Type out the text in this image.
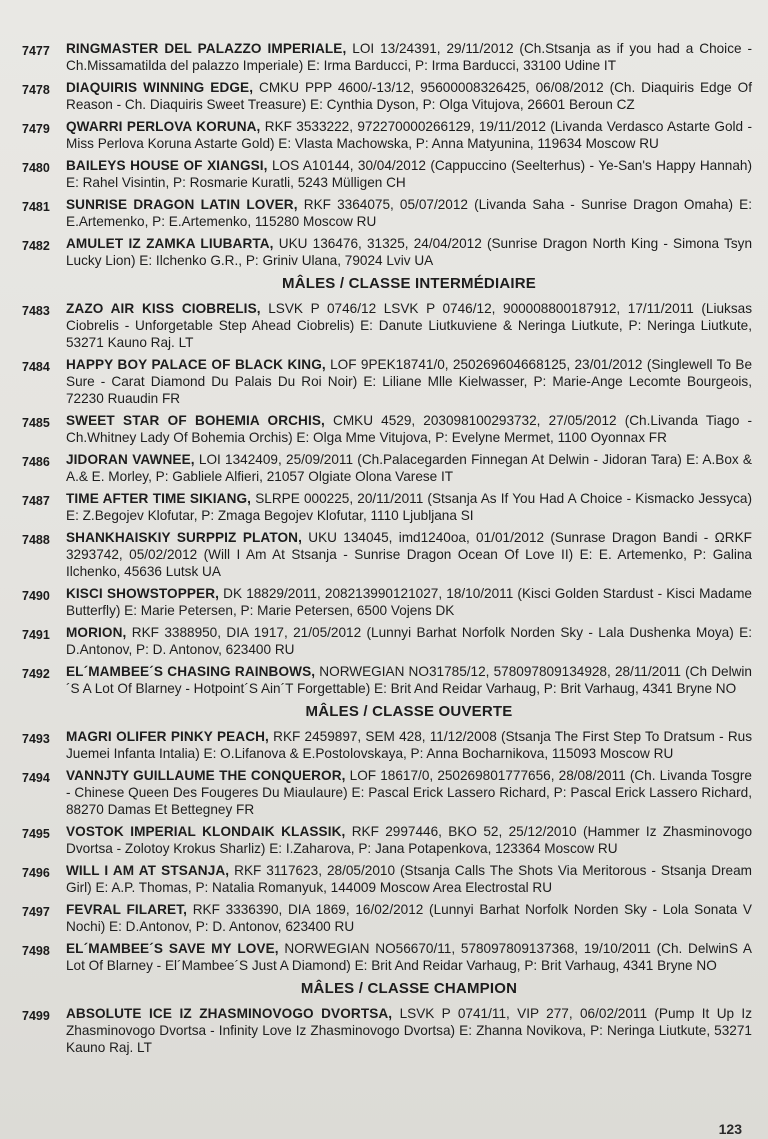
7477	RINGMASTER DEL PALAZZO IMPERIALE, LOI 13/24391, 29/11/2012 (Ch.Stsanja as if you had a Choice - Ch.Missamatilda del palazzo Imperiale) E: Irma Barducci, P: Irma Barducci, 33100 Udine IT
7478	DIAQUIRIS WINNING EDGE, CMKU PPP 4600/-13/12, 95600008326425, 06/08/2012 (Ch. Diaquiris Edge Of Reason - Ch. Diaquiris Sweet Treasure) E: Cynthia Dyson, P: Olga Vitujova, 26601 Beroun CZ
7479	QWARRI PERLOVA KORUNA, RKF 3533222, 972270000266129, 19/11/2012 (Livanda Verdasco Astarte Gold - Miss Perlova Koruna Astarte Gold) E: Vlasta Machowska, P: Anna Matyunina, 119634 Moscow RU
7480	BAILEYS HOUSE OF XIANGSI, LOS A10144, 30/04/2012 (Cappuccino (Seelterhus) - Ye-San's Happy Hannah) E: Rahel Visintin, P: Rosmarie Kuratli, 5243 Mülligen CH
7481	SUNRISE DRAGON LATIN LOVER, RKF 3364075, 05/07/2012 (Livanda Saha - Sunrise Dragon Omaha) E: E.Artemenko, P: E.Artemenko, 115280 Moscow RU
7482	AMULET IZ ZAMKA LIUBARTA, UKU 136476, 31325, 24/04/2012 (Sunrise Dragon North King - Simona Tsyn Lucky Lion) E: Ilchenko G.R., P: Griniv Ulana, 79024 Lviv UA
MÂLES / CLASSE INTERMÉDIAIRE
7483	ZAZO AIR KISS CIOBRELIS, LSVK P 0746/12 LSVK P 0746/12, 900008800187912, 17/11/2011 (Liuksas Ciobrelis - Unforgetable Step Ahead Ciobrelis) E: Danute Liutkuviene & Neringa Liutkute, P: Neringa Liutkute, 53271 Kauno Raj. LT
7484	HAPPY BOY PALACE OF BLACK KING, LOF 9PEK18741/0, 250269604668125, 23/01/2012 (Singlewell To Be Sure - Carat Diamond Du Palais Du Roi Noir) E: Liliane Mlle Kielwasser, P: Marie-Ange Lecomte Bourgeois, 72230 Ruaudin FR
7485	SWEET STAR OF BOHEMIA ORCHIS, CMKU 4529, 203098100293732, 27/05/2012 (Ch.Livanda Tiago - Ch.Whitney Lady Of Bohemia Orchis) E: Olga Mme Vitujova, P: Evelyne Mermet, 1100 Oyonnax FR
7486	JIDORAN VAWNEE, LOI 1342409, 25/09/2011 (Ch.Palacegarden Finnegan At Delwin - Jidoran Tara) E: A.Box & A.& E. Morley, P: Gabliele Alfieri, 21057 Olgiate Olona Varese IT
7487	TIME AFTER TIME SIKIANG, SLRPE 000225, 20/11/2011 (Stsanja As If You Had A Choice - Kismacko Jessyca) E: Z.Begojev Klofutar, P: Zmaga Begojev Klofutar, 1110 Ljubljana SI
7488	SHANKHAISKIY SURPPIZ PLATON, UKU 134045, imd1240oa, 01/01/2012 (Sunrase Dragon Bandi - ΩRKF 3293742, 05/02/2012 (Will I Am At Stsanja - Sunrise Dragon Ocean Of Love II) E: E. Artemenko, P: Galina Ilchenko, 45636 Lutsk UA
7490	KISCI SHOWSTOPPER, DK 18829/2011, 208213990121027, 18/10/2011 (Kisci Golden Stardust - Kisci Madame Butterfly) E: Marie Petersen, P: Marie Petersen, 6500 Vojens DK
7491	MORION, RKF 3388950, DIA 1917, 21/05/2012 (Lunnyi Barhat Norfolk Norden Sky - Lala Dushenka Moya) E: D.Antonov, P: D. Antonov, 623400 RU
7492	EL´MAMBEE´S CHASING RAINBOWS, NORWEGIAN NO31785/12, 578097809134928, 28/11/2011 (Ch Delwin´S A Lot Of Blarney - Hotpoint´S Ain´T Forgettable) E: Brit And Reidar Varhaug, P: Brit Varhaug, 4341 Bryne NO
MÂLES / CLASSE OUVERTE
7493	MAGRI OLIFER PINKY PEACH, RKF 2459897, SEM 428, 11/12/2008 (Stsanja The First Step To Dratsum - Rus Juemei Infanta Intalia) E: O.Lifanova & E.Postolovskaya, P: Anna Bocharnikova, 115093 Moscow RU
7494	VANNJTY GUILLAUME THE CONQUEROR, LOF 18617/0, 250269801777656, 28/08/2011 (Ch. Livanda Tosgre - Chinese Queen Des Fougeres Du Miaulaure) E: Pascal Erick Lassero Richard, P: Pascal Erick Lassero Richard, 88270 Damas Et Bettegney FR
7495	VOSTOK IMPERIAL KLONDAIK KLASSIK, RKF 2997446, BKO 52, 25/12/2010 (Hammer Iz Zhasminovogo Dvortsa - Zolotoy Krokus Sharliz) E: I.Zaharova, P: Jana Potapenkova, 123364 Moscow RU
7496	WILL I AM AT STSANJA, RKF 3117623, 28/05/2010 (Stsanja Calls The Shots Via Meritorous - Stsanja Dream Girl) E: A.P. Thomas, P: Natalia Romanyuk, 144009 Moscow Area Electrostal RU
7497	FEVRAL FILARET, RKF 3336390, DIA 1869, 16/02/2012 (Lunnyi Barhat Norfolk Norden Sky - Lola Sonata V Nochi) E: D.Antonov, P: D. Antonov, 623400 RU
7498	EL´MAMBEE´S SAVE MY LOVE, NORWEGIAN NO56670/11, 578097809137368, 19/10/2011 (Ch. DelwinS A Lot Of Blarney - El´Mambee´S Just A Diamond) E: Brit And Reidar Varhaug, P: Brit Varhaug, 4341 Bryne NO
MÂLES / CLASSE CHAMPION
7499	ABSOLUTE ICE IZ ZHASMINOVOGO DVORTSA, LSVK P 0741/11, VIP 277, 06/02/2011 (Pump It Up Iz Zhasminovogo Dvortsa - Infinity Love Iz Zhasminovogo Dvortsa) E: Zhanna Novikova, P: Neringa Liutkute, 53271 Kauno Raj. LT
123
